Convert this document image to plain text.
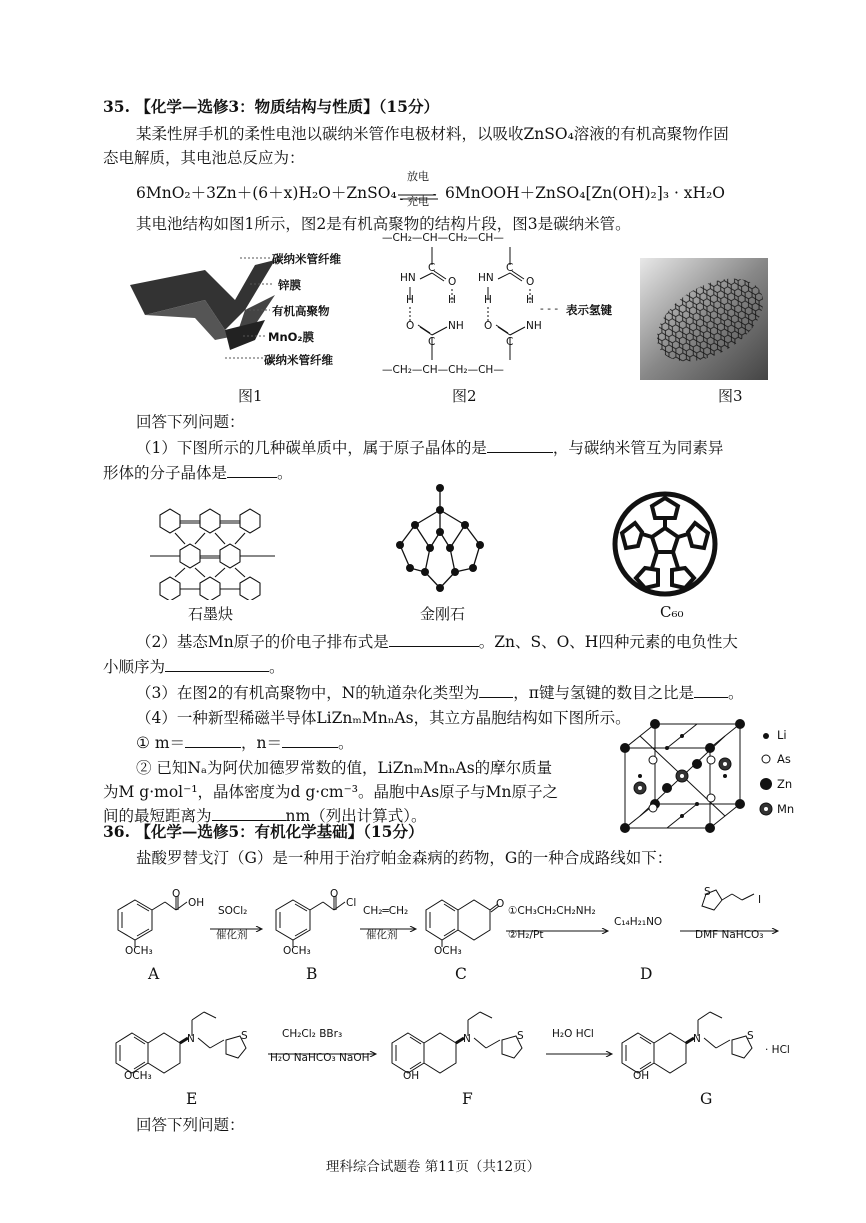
35. 【化学—选修3：物质结构与性质】（15分）
某柔性屏手机的柔性电池以碳纳米管作电极材料，以吸收ZnSO₄溶液的有机高聚物作固
态电解质，其电池总反应为：
6MnO₂＋3Zn＋(6＋x)H₂O＋ZnSO₄
放电
充电	6MnOOH＋ZnSO₄[Zn(OH)₂]₃ · xH₂O
其电池结构如图1所示，图2是有机高聚物的结构片段，图3是碳纳米管。
碳纳米管纤维
锌膜
有机高聚物
MnO₂膜
碳纳米管纤维
—CH₂—CH—CH₂—CH—
C	C
HN	HN
O	O
H	H	H	H
O	O
NH	NH
C	C
—CH₂—CH—CH₂—CH—
- - - 表示氢键
图1	图2	图3
回答下列问题：
（1）下图所示的几种碳单质中，属于原子晶体的是	，与碳纳米管互为同素异
形体的分子晶体是	。
石墨炔	金刚石	C₆₀
（2）基态Mn原子的价电子排布式是	。Zn、S、O、H四种元素的电负性大
小顺序为	。
（3）在图2的有机高聚物中，N的轨道杂化类型为 ，π键与氢键的数目之比是 。
（4）一种新型稀磁半导体LiZnₘMnₙAs，其立方晶胞结构如下图所示。
① m＝	，n＝	。
② 已知Nₐ为阿伏加德罗常数的值，LiZnₘMnₙAs的摩尔质量
为M g·mol⁻¹，晶体密度为d g·cm⁻³。晶胞中As原子与Mn原子之
间的最短距离为	nm（列出计算式）。
Li
As
Zn
Mn
36. 【化学—选修5：有机化学基础】（15分）
盐酸罗替戈汀（G）是一种用于治疗帕金森病的药物，G的一种合成路线如下：
O
OH
OCH₃
SOCl₂
催化剂
O
Cl
OCH₃
CH₂═CH₂
催化剂
O
OCH₃
①CH₃CH₂CH₂NH₂
②H₂/Pt
C₁₄H₂₁NO
S
I
DMF NaHCO₃
A	B	C	D
N	S
OCH₃
CH₂Cl₂ BBr₃
H₂O NaHCO₃ NaOH
N	S
OH
H₂O HCl	N	S
· HCl
OH
E	F	G
回答下列问题：
理科综合试题卷 第11页（共12页）
